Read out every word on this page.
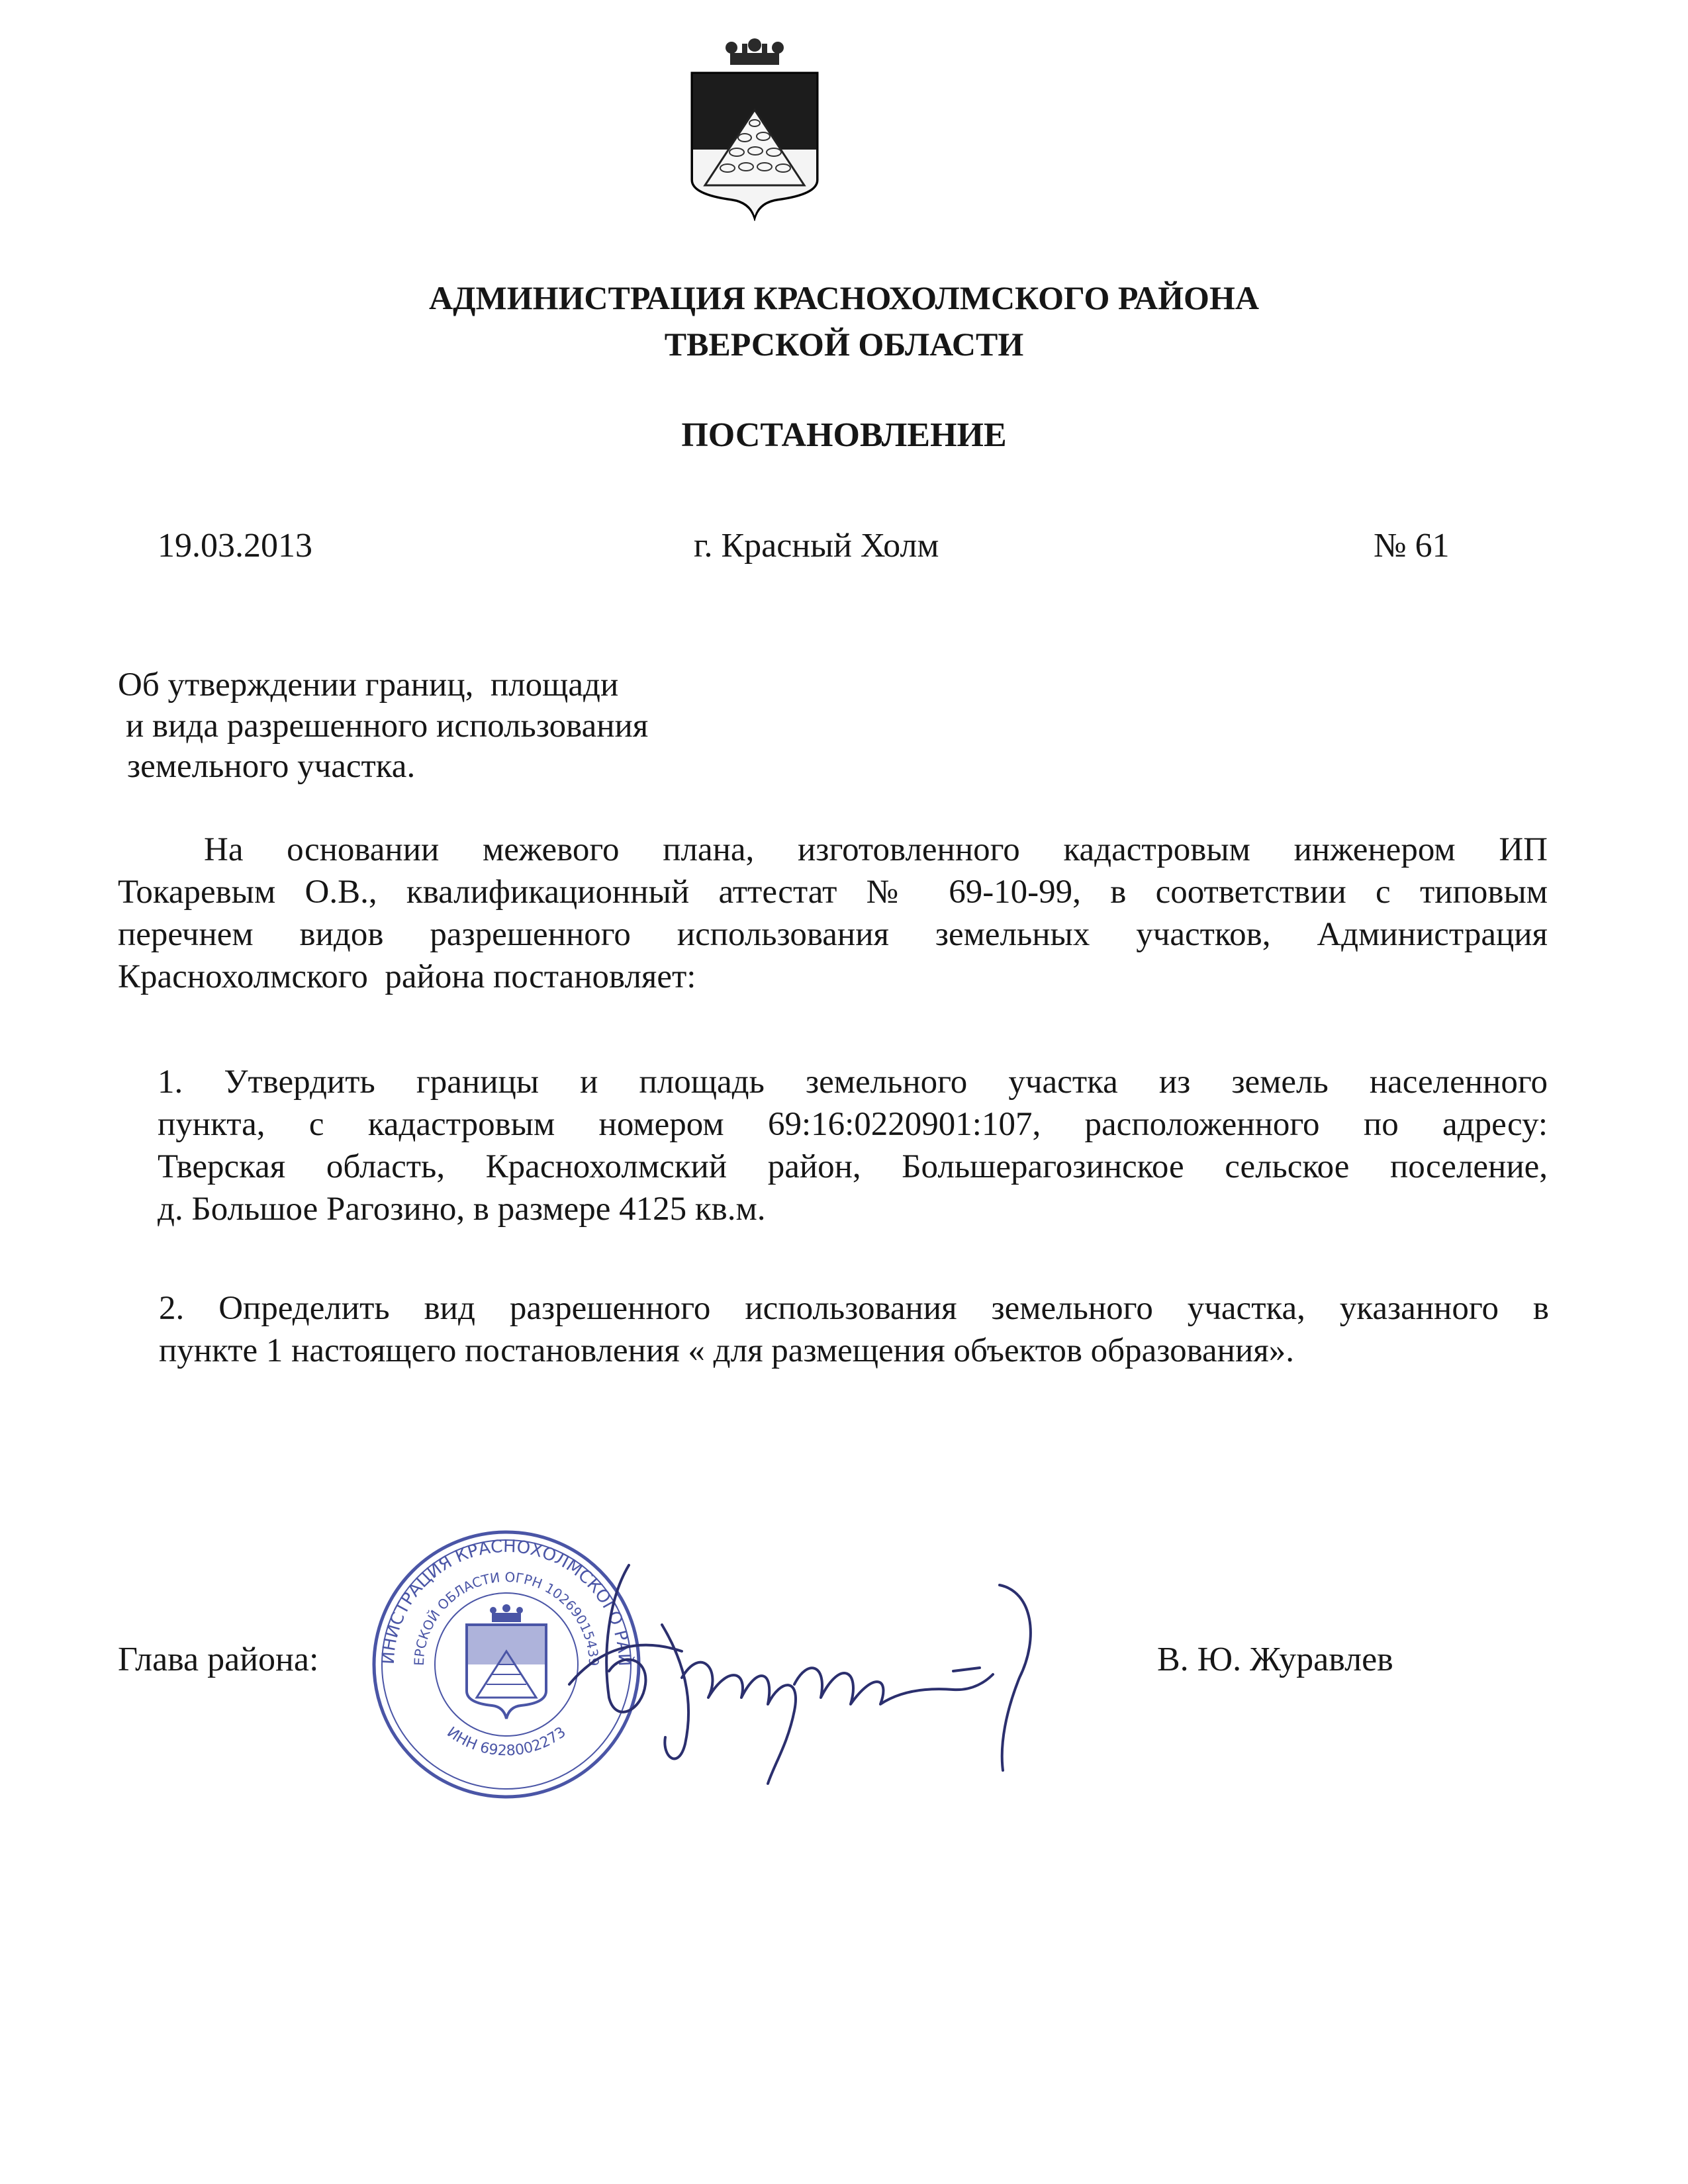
АДМИНИСТРАЦИЯ КРАСНОХОЛМСКОГО РАЙОНА
ТВЕРСКОЙ ОБЛАСТИ
ПОСТАНОВЛЕНИЕ
19.03.2013	г. Красный Холм	№ 61
Об утверждении границ,  площади
и вида разрешенного использования
земельного участка.
На основании межевого плана, изготовленного кадастровым инженером ИП
Токаревым О.В., квалификационный аттестат № 69-10-99, в соответствии с типовым
перечнем видов разрешенного использования земельных участков, Администрация
Краснохолмского  района постановляет:
1. Утвердить границы и площадь земельного участка из земель населенного
пункта, с кадастровым номером 69:16:0220901:107, расположенного по адресу:
Тверская область, Краснохолмский район, Большерагозинское сельское поселение,
д. Большое Рагозино, в размере 4125 кв.м.
2. Определить вид разрешенного использования земельного участка, указанного в
пункте 1 настоящего постановления « для размещения объектов образования».
Глава района:	В. Ю. Журавлев
ИНИСТРАЦИЯ КРАСНОХОЛМСКОГО РАЙ
ЕРСКОЙ ОБЛАСТИ ОГРН 10269015439
ИНН 6928002273
